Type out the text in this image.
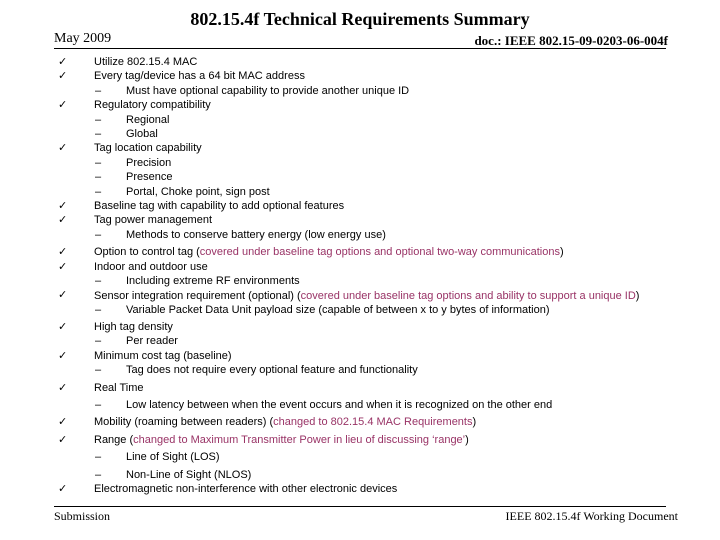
802.15.4f Technical Requirements Summary
May 2009	doc.: IEEE 802.15-09-0203-06-004f
✓ Utilize 802.15.4 MAC
✓ Every tag/device has a 64 bit MAC address
– Must have optional capability to provide another unique ID
✓ Regulatory compatibility
– Regional
– Global
✓ Tag location capability
– Precision
– Presence
– Portal, Choke point, sign post
✓ Baseline tag with capability to add optional features
✓ Tag power management
– Methods to conserve battery energy (low energy use)
✓ Option to control tag (covered under baseline tag options and optional two-way communications)
✓ Indoor and outdoor use
– Including extreme RF environments
✓ Sensor integration requirement (optional) (covered under baseline tag options and ability to support a unique ID)
– Variable Packet Data Unit payload size (capable of between x to y bytes of information)
✓ High tag density
– Per reader
✓ Minimum cost tag (baseline)
– Tag does not require every optional feature and functionality
✓ Real Time
– Low latency between when the event occurs and when it is recognized on the other end
✓ Mobility (roaming between readers) (changed to 802.15.4 MAC Requirements)
✓ Range (changed to Maximum Transmitter Power in lieu of discussing ‘range’)
– Line of Sight (LOS)
– Non-Line of Sight (NLOS)
✓ Electromagnetic non-interference with other electronic devices
Submission	IEEE 802.15.4f Working Document
